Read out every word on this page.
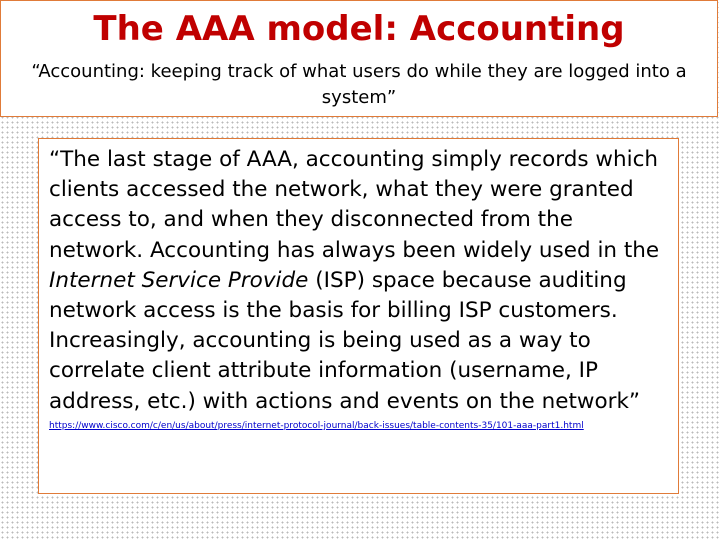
The AAA model: Accounting
“Accounting: keeping track of what users do while they are logged into a system”

“The last stage of AAA, accounting simply records which clients accessed the network, what they were granted access to, and when they disconnected from the network. Accounting has always been widely used in the Internet Service Provide (ISP) space because auditing network access is the basis for billing ISP customers. Increasingly, accounting is being used as a way to correlate client attribute information (username, IP address, etc.) with actions and events on the network”

https://www.cisco.com/c/en/us/about/press/internet-protocol-journal/back-issues/table-contents-35/101-aaa-part1.html
